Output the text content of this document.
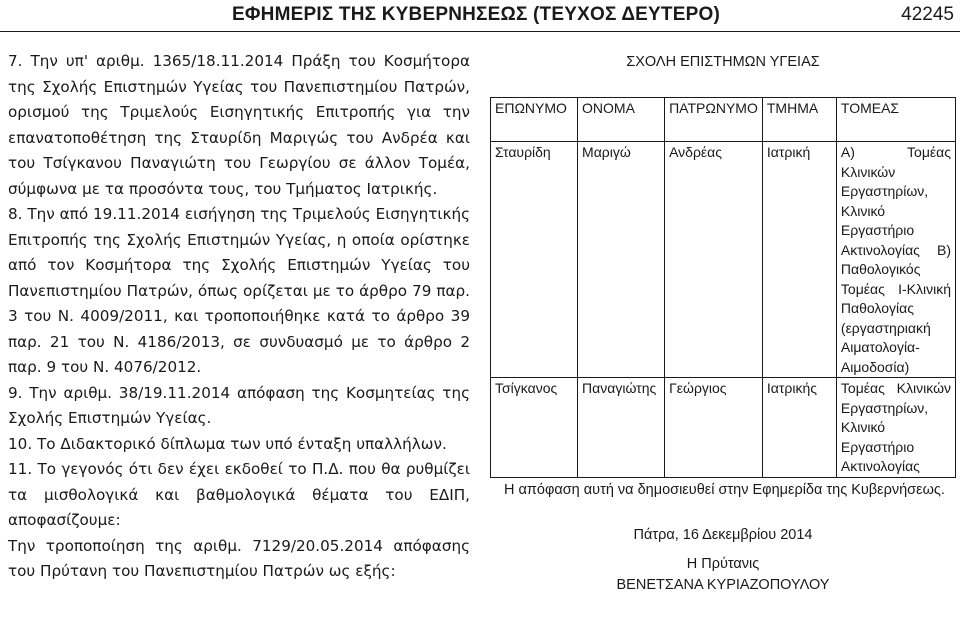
ΕΦΗΜΕΡΙΣ ΤΗΣ ΚΥΒΕΡΝΗΣΕΩΣ (ΤΕΥΧΟΣ ΔΕΥΤΕΡΟ)	42245

7. Την υπ' αριθμ. 1365/18.11.2014 Πράξη του Κοσμήτορα της Σχολής Επιστημών Υγείας του Πανεπιστημίου Πατρών, ορισμού της Τριμελούς Εισηγητικής Επιτροπής για την επανατοποθέτηση της Σταυρίδη Μαριγώς του Ανδρέα και του Τσίγκανου Παναγιώτη του Γεωργίου σε άλλον Τομέα, σύμφωνα με τα προσόντα τους, του Τμήματος Ιατρικής.

8. Την από 19.11.2014 εισήγηση της Τριμελούς Εισηγητικής Επιτροπής της Σχολής Επιστημών Υγείας, η οποία ορίστηκε από τον Κοσμήτορα της Σχολής Επιστημών Υγείας του Πανεπιστημίου Πατρών, όπως ορίζεται με το άρθρο 79 παρ. 3 του Ν. 4009/2011, και τροποποιήθηκε κατά το άρθρο 39 παρ. 21 του Ν. 4186/2013, σε συνδυασμό με το άρθρο 2 παρ. 9 του Ν. 4076/2012.

9. Την αριθμ. 38/19.11.2014 απόφαση της Κοσμητείας της Σχολής Επιστημών Υγείας.

10. Το Διδακτορικό δίπλωμα των υπό ένταξη υπαλλήλων.

11. Το γεγονός ότι δεν έχει εκδοθεί το Π.Δ. που θα ρυθμίζει τα μισθολογικά και βαθμολογικά θέματα του ΕΔΙΠ, αποφασίζουμε:

Την τροποποίηση της αριθμ. 7129/20.05.2014 απόφασης του Πρύτανη του Πανεπιστημίου Πατρών ως εξής:

ΣΧΟΛΗ ΕΠΙΣΤΗΜΩΝ ΥΓΕΙΑΣ
ΕΠΩΝΥΜΟ	ΟΝΟΜΑ	ΠΑΤΡΩΝΥΜΟ	ΤΜΗΜΑ	ΤΟΜΕΑΣ
Σταυρίδη	Μαριγώ	Ανδρέας	Ιατρική	Α) Τομέας Κλινικών Εργαστηρίων, Κλινικό Εργαστήριο Ακτινολογίας Β) Παθολογικός Τομέας Ι-Κλινική Παθολογίας (εργαστηριακή Αιματολογία-Αιμοδοσία)
Τσίγκανος	Παναγιώτης	Γεώργιος	Ιατρικής	Τομέας Κλινικών Εργαστηρίων, Κλινικό Εργαστήριο Ακτινολογίας
Η απόφαση αυτή να δημοσιευθεί στην Εφημερίδα της Κυβερνήσεως.
Πάτρα, 16 Δεκεμβρίου 2014
Η Πρύτανις
ΒΕΝΕΤΣΑΝΑ ΚΥΡΙΑΖΟΠΟΥΛΟΥ
